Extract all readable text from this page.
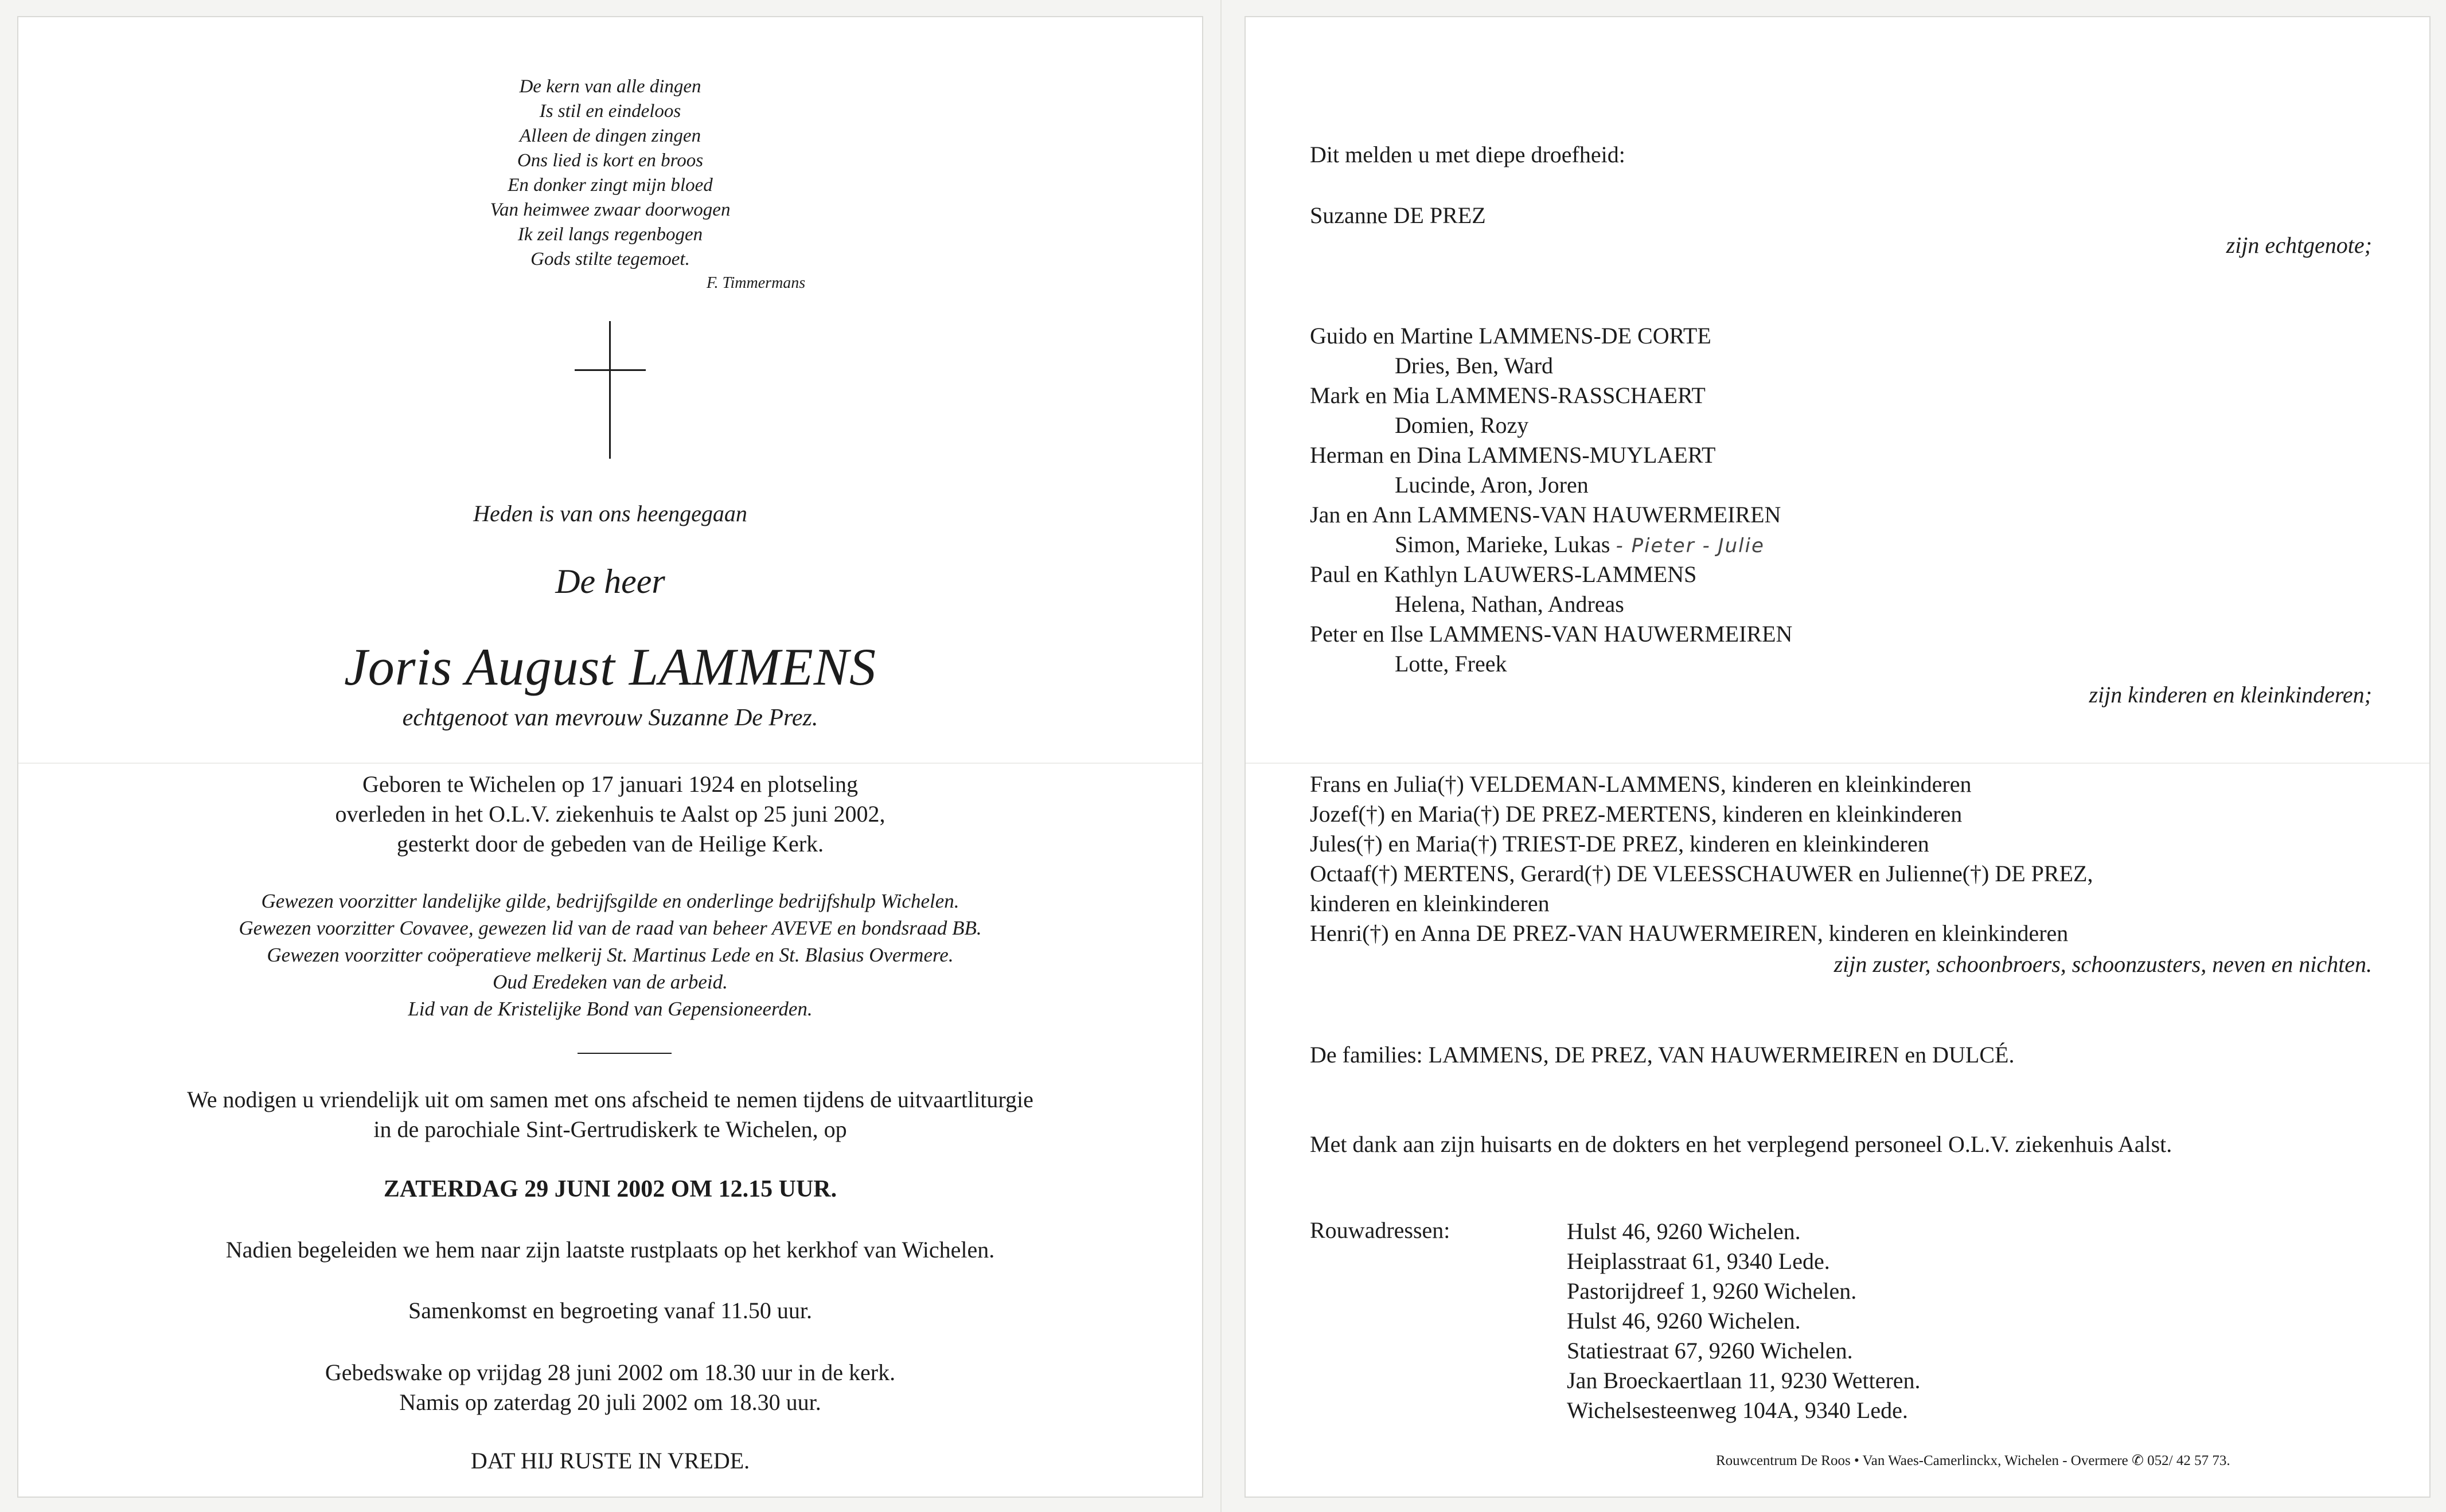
De kern van alle dingen
Is stil en eindeloos
Alleen de dingen zingen
Ons lied is kort en broos
En donker zingt mijn bloed
Van heimwee zwaar doorwogen
Ik zeil langs regenbogen
Gods stilte tegemoet.
F. Timmermans
Heden is van ons heengegaan
De heer
Joris August LAMMENS
echtgenoot van mevrouw Suzanne De Prez.
Geboren te Wichelen op 17 januari 1924 en plotseling
overleden in het O.L.V. ziekenhuis te Aalst op 25 juni 2002,
gesterkt door de gebeden van de Heilige Kerk.
Gewezen voorzitter landelijke gilde, bedrijfsgilde en onderlinge bedrijfshulp Wichelen.
Gewezen voorzitter Covavee, gewezen lid van de raad van beheer AVEVE en bondsraad BB.
Gewezen voorzitter coöperatieve melkerij St. Martinus Lede en St. Blasius Overmere.
Oud Eredeken van de arbeid.
Lid van de Kristelijke Bond van Gepensioneerden.
We nodigen u vriendelijk uit om samen met ons afscheid te nemen tijdens de uitvaartliturgie
in de parochiale Sint-Gertrudiskerk te Wichelen, op
ZATERDAG 29 JUNI 2002 OM 12.15 UUR.
Nadien begeleiden we hem naar zijn laatste rustplaats op het kerkhof van Wichelen.
Samenkomst en begroeting vanaf 11.50 uur.
Gebedswake op vrijdag 28 juni 2002 om 18.30 uur in de kerk.
Namis op zaterdag 20 juli 2002 om 18.30 uur.
DAT HIJ RUSTE IN VREDE.
Dit melden u met diepe droefheid:
Suzanne DE PREZ
zijn echtgenote;
Guido en Martine LAMMENS-DE CORTE
Dries, Ben, Ward
Mark en Mia LAMMENS-RASSCHAERT
Domien, Rozy
Herman en Dina LAMMENS-MUYLAERT
Lucinde, Aron, Joren
Jan en Ann LAMMENS-VAN HAUWERMEIREN
Simon, Marieke, Lukas - Pieter - Julie
Paul en Kathlyn LAUWERS-LAMMENS
Helena, Nathan, Andreas
Peter en Ilse LAMMENS-VAN HAUWERMEIREN
Lotte, Freek
zijn kinderen en kleinkinderen;
Frans en Julia(†) VELDEMAN-LAMMENS, kinderen en kleinkinderen
Jozef(†) en Maria(†) DE PREZ-MERTENS, kinderen en kleinkinderen
Jules(†) en Maria(†) TRIEST-DE PREZ, kinderen en kleinkinderen
Octaaf(†) MERTENS, Gerard(†) DE VLEESSCHAUWER en Julienne(†) DE PREZ,
kinderen en kleinkinderen
Henri(†) en Anna DE PREZ-VAN HAUWERMEIREN, kinderen en kleinkinderen
zijn zuster, schoonbroers, schoonzusters, neven en nichten.
De families: LAMMENS, DE PREZ, VAN HAUWERMEIREN en DULCÉ.
Met dank aan zijn huisarts en de dokters en het verplegend personeel O.L.V. ziekenhuis Aalst.
Rouwadressen:	Hulst 46, 9260 Wichelen.
Heiplasstraat 61, 9340 Lede.
Pastorijdreef 1, 9260 Wichelen.
Hulst 46, 9260 Wichelen.
Statiestraat 67, 9260 Wichelen.
Jan Broeckaertlaan 11, 9230 Wetteren.
Wichelsesteenweg 104A, 9340 Lede.
Rouwcentrum De Roos • Van Waes-Camerlinckx, Wichelen - Overmere ✆ 052/ 42 57 73.
